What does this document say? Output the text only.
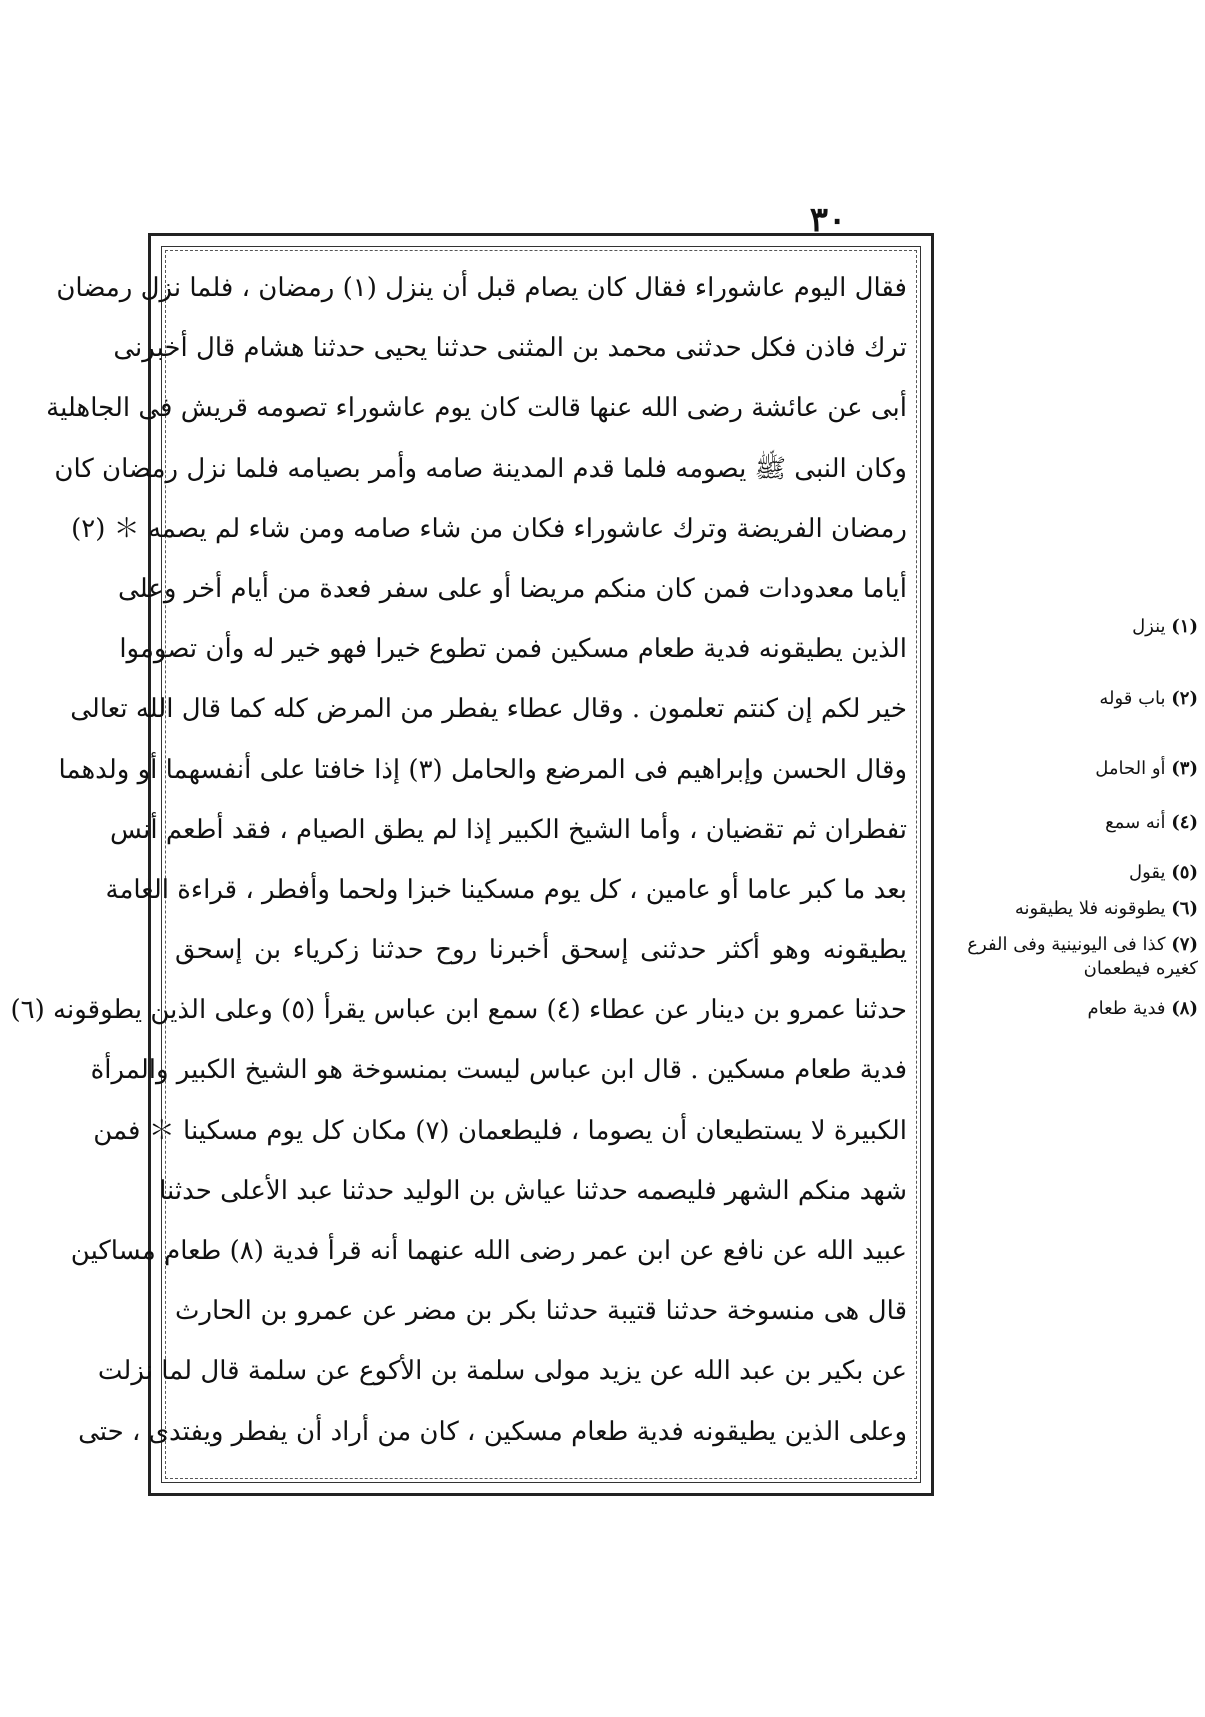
٣٠
فقال اليوم عاشوراء فقال كان يصام قبل أن ينزل (١) رمضان ، فلما نزل رمضان
ترك فاذن فكل حدثنى محمد بن المثنى حدثنا يحيى حدثنا هشام قال أخبرنى
أبى عن عائشة رضى الله عنها قالت كان يوم عاشوراء تصومه قريش فى الجاهلية
وكان النبى ﷺ يصومه فلما قدم المدينة صامه وأمر بصيامه فلما نزل رمضان كان
رمضان الفريضة وترك عاشوراء فكان من شاء صامه ومن شاء لم يصمه ＊ (٢)
أياما معدودات فمن كان منكم مريضا أو على سفر فعدة من أيام أخر وعلى
الذين يطيقونه فدية طعام مسكين فمن تطوع خيرا فهو خير له وأن تصوموا
خير لكم إن كنتم تعلمون . وقال عطاء يفطر من المرض كله كما قال الله تعالى
وقال الحسن وإبراهيم فى المرضع والحامل (٣) إذا خافتا على أنفسهما أو ولدهما
تفطران ثم تقضيان ، وأما الشيخ الكبير إذا لم يطق الصيام ، فقد أطعم أنس
بعد ما كبر عاما أو عامين ، كل يوم مسكينا خبزا ولحما وأفطر ، قراءة العامة
يطيقونه وهو أكثر حدثنى إسحق أخبرنا روح حدثنا زكرياء بن إسحق
حدثنا عمرو بن دينار عن عطاء (٤) سمع ابن عباس يقرأ (٥) وعلى الذين يطوقونه (٦)
فدية طعام مسكين . قال ابن عباس ليست بمنسوخة هو الشيخ الكبير والمرأة
الكبيرة لا يستطيعان أن يصوما ، فليطعمان (٧) مكان كل يوم مسكينا ＊ فمن
شهد منكم الشهر فليصمه حدثنا عياش بن الوليد حدثنا عبد الأعلى حدثنا
عبيد الله عن نافع عن ابن عمر رضى الله عنهما أنه قرأ فدية (٨) طعام مساكين
قال هى منسوخة حدثنا قتيبة حدثنا بكر بن مضر عن عمرو بن الحارث
عن بكير بن عبد الله عن يزيد مولى سلمة بن الأكوع عن سلمة قال لما نزلت
وعلى الذين يطيقونه فدية طعام مسكين ، كان من أراد أن يفطر ويفتدى ، حتى
(١) ينزل
(٢) باب قوله
(٣) أو الحامل
(٤) أنه سمع
(٥) يقول
(٦) يطوقونه فلا يطيقونه
(٧) كذا فى اليونينية وفى الفرع كغيره فيطعمان
(٨) فدية طعام
